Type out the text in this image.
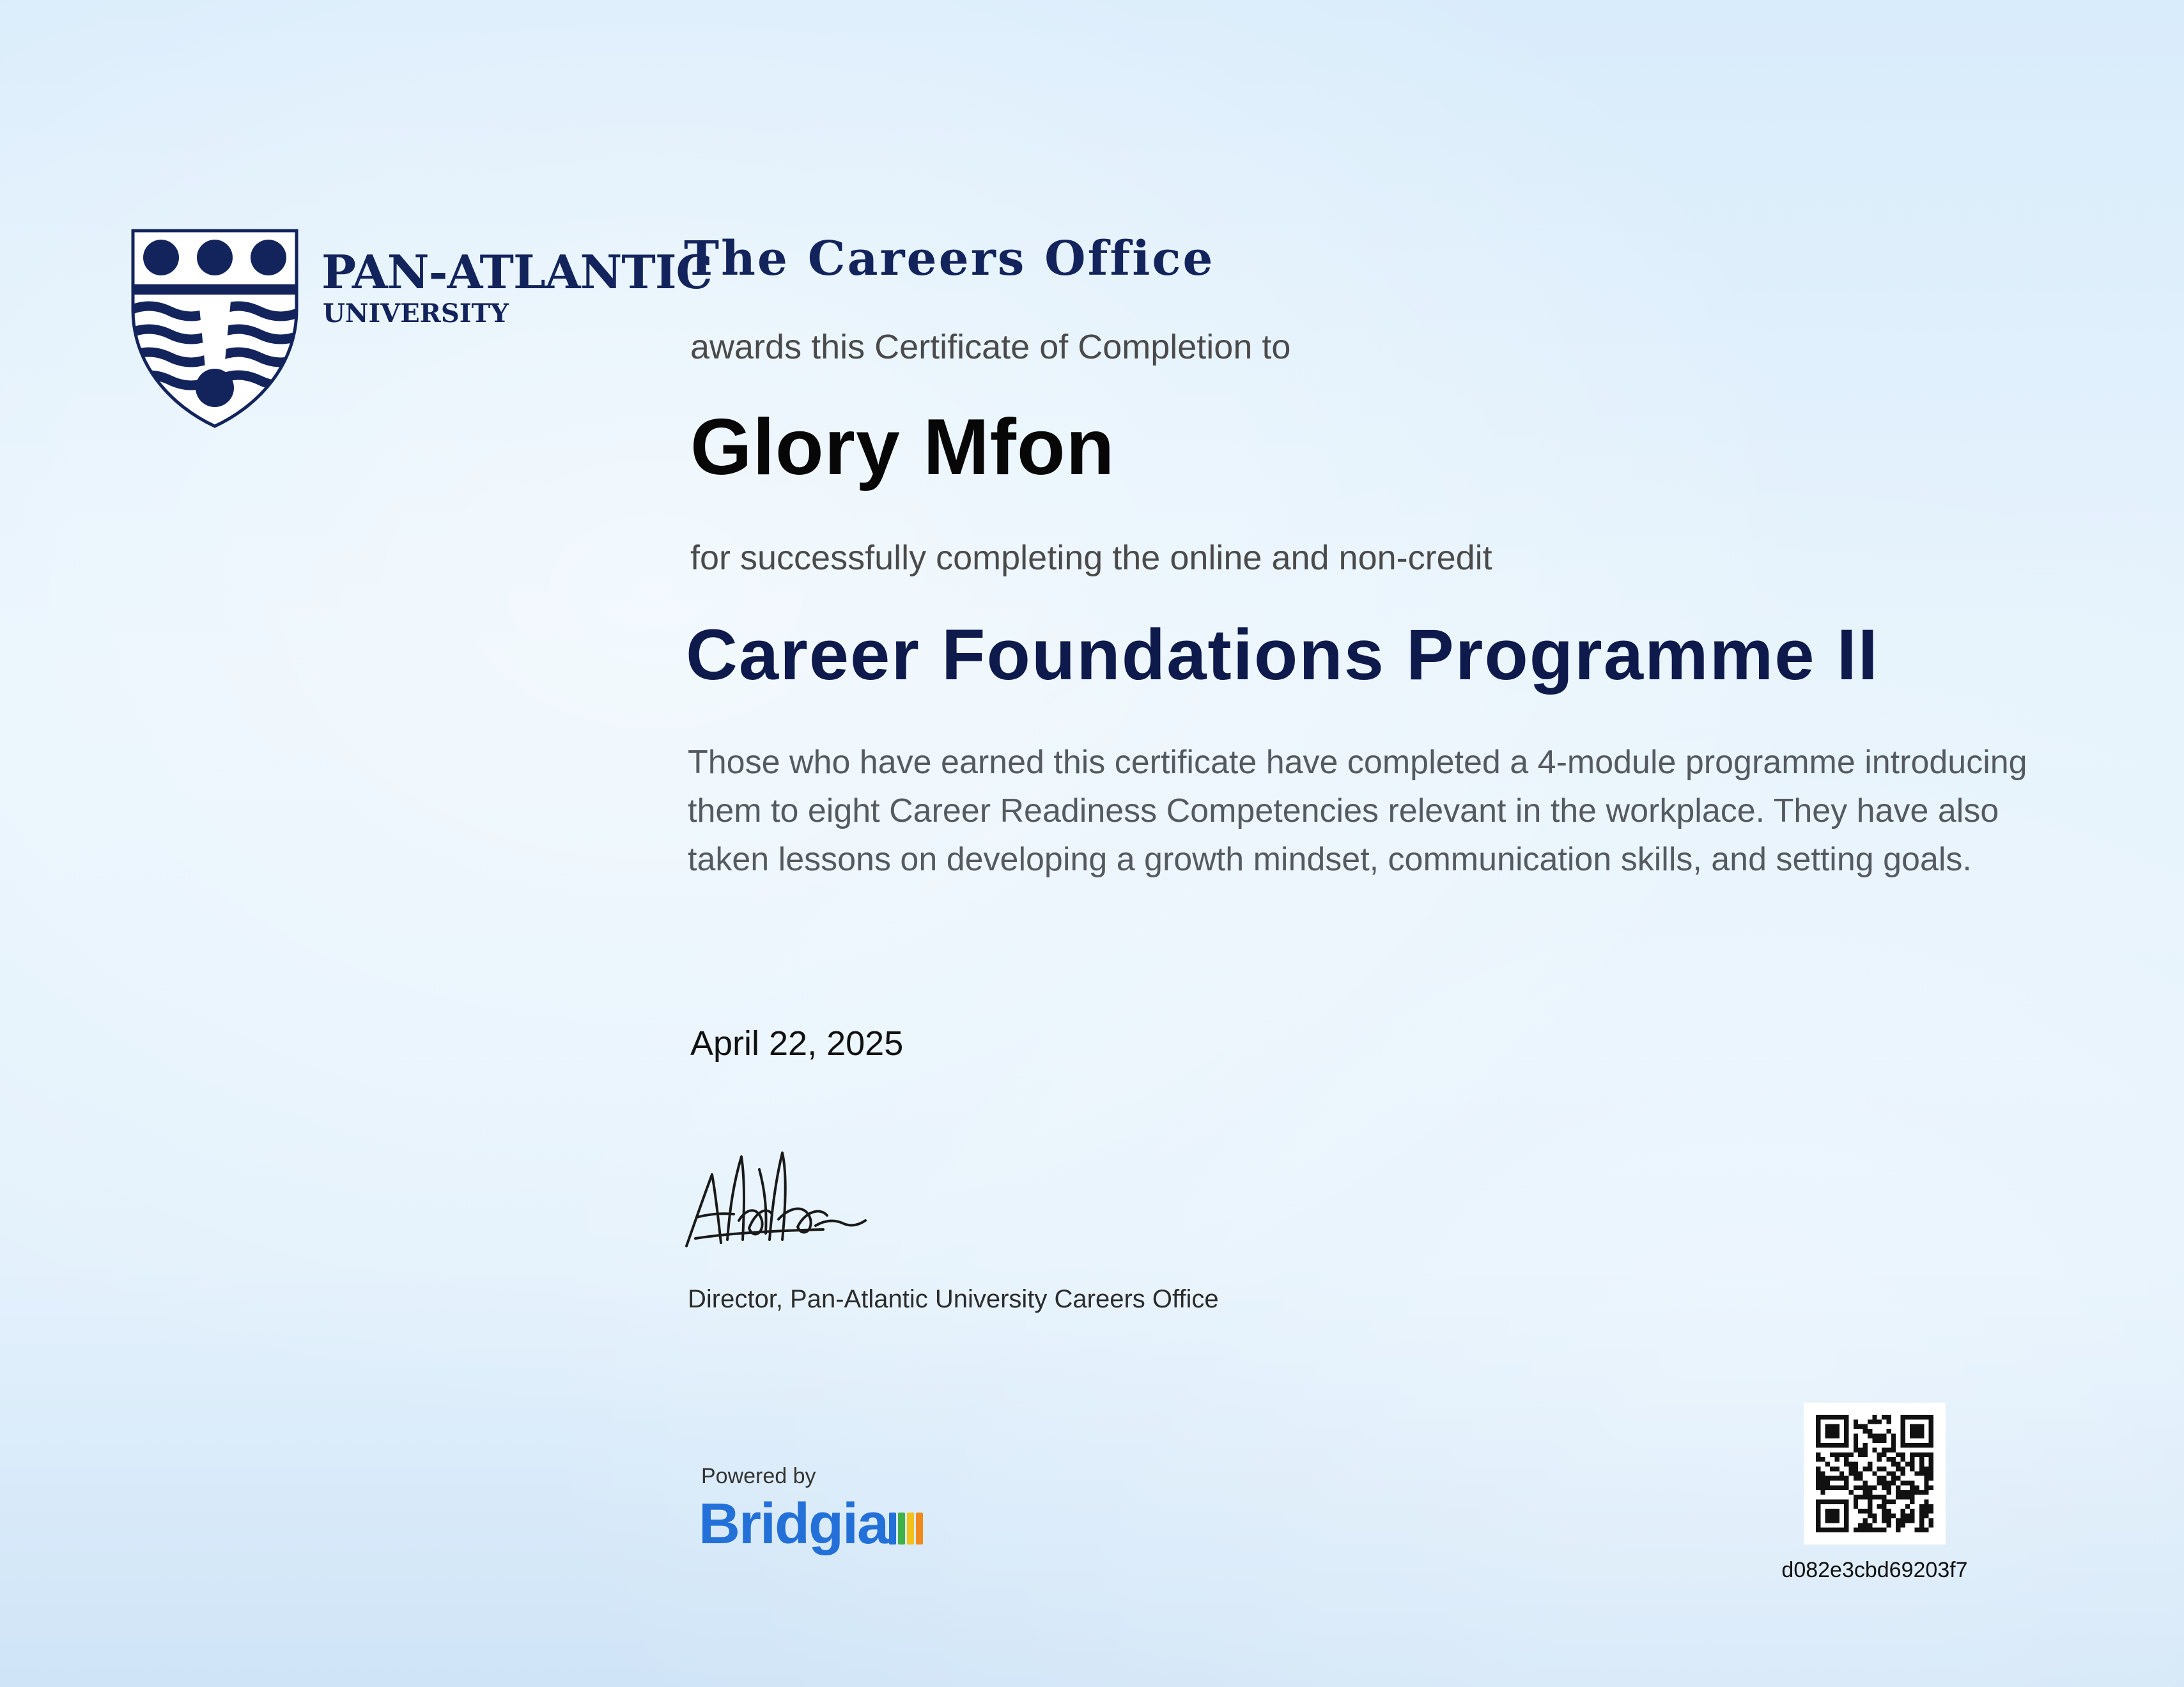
PAN-ATLANTIC
UNIVERSITY
The Careers Office
awards this Certificate of Completion to
Glory Mfon
for successfully completing the online and non-credit
Career Foundations Programme II
Those who have earned this certificate have completed a 4-module programme introducing them to eight Career Readiness Competencies relevant in the workplace. They have also taken lessons on developing a growth mindset, communication skills, and setting goals.
April 22, 2025
Director, Pan-Atlantic University Careers Office
Powered by
Bridgia
d082e3cbd69203f7
